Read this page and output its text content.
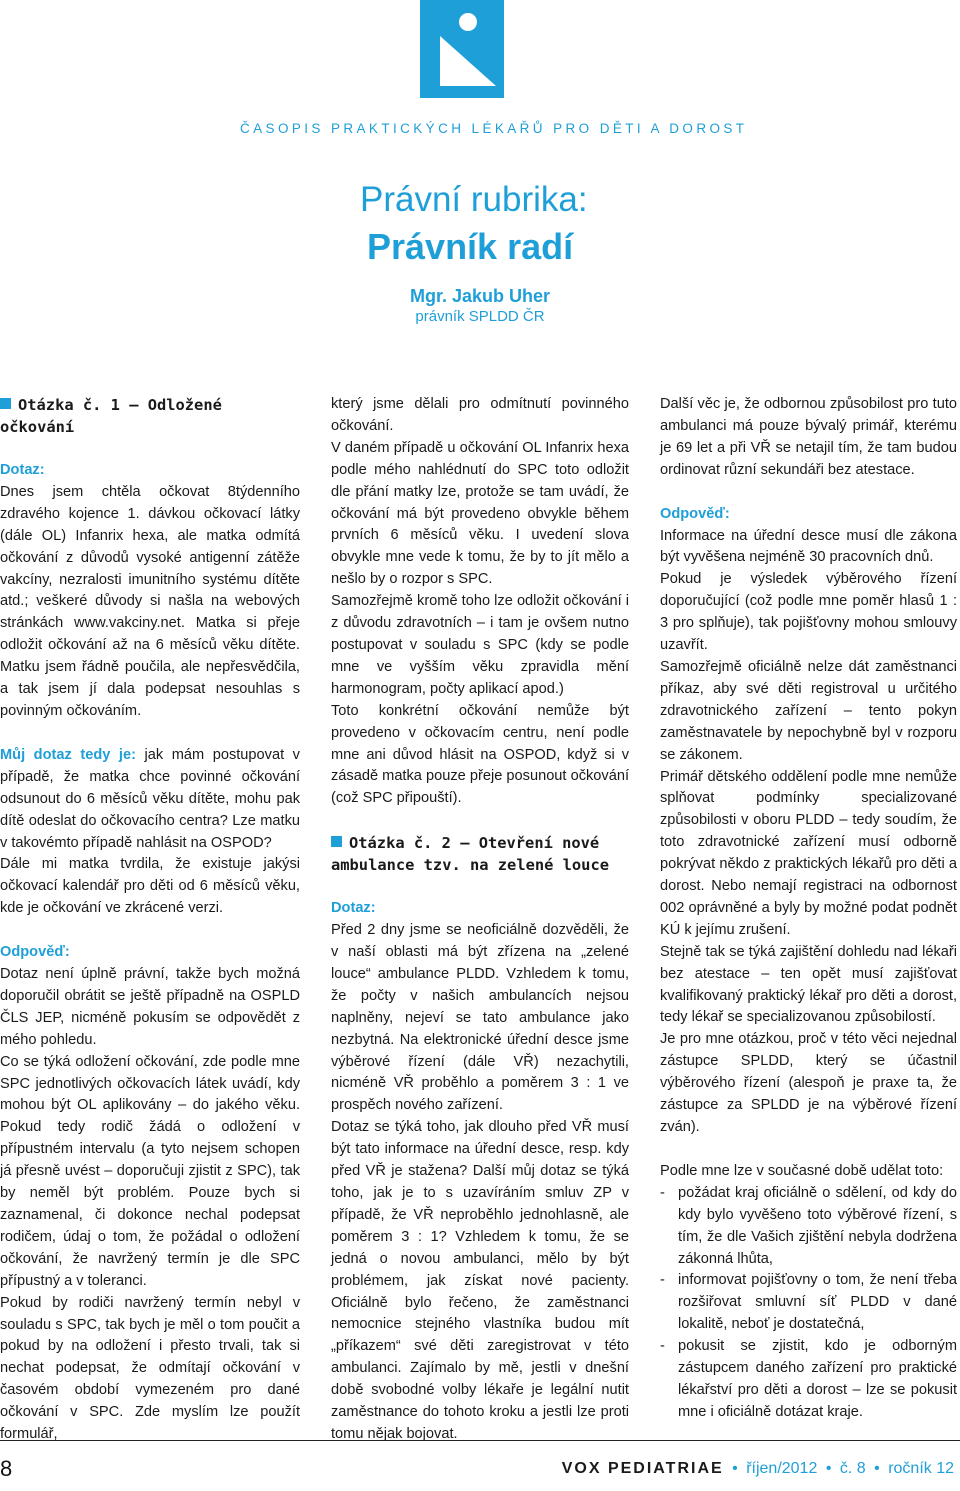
ČASOPIS PRAKTICKÝCH LÉKAŘŮ PRO DĚTI A DOROST
Právní rubrika:
Právník radí
Mgr. Jakub Uher
právník SPLDD ČR
Otázka č. 1 – Odložené očkování
Dotaz:

Dnes jsem chtěla očkovat 8týdenního zdravého kojence 1. dávkou očkovací látky (dále OL) Infanrix hexa, ale matka odmítá očkování z důvodů vysoké antigenní zátěže vakcíny, nezralosti imunitního systému dítěte atd.; veškeré důvody si našla na webových stránkách www.vakciny.net. Matka si přeje odložit očkování až na 6 měsíců věku dítěte. Matku jsem řádně poučila, ale nepřesvědčila, a tak jsem jí dala podepsat nesouhlas s povinným očkováním.

Můj dotaz tedy je: jak mám postupovat v případě, že matka chce povinné očkování odsunout do 6 měsíců věku dítěte, mohu pak dítě odeslat do očkovacího centra? Lze matku v takovémto případě nahlásit na OSPOD?

Dále mi matka tvrdila, že existuje jakýsi očkovací kalendář pro děti od 6 měsíců věku, kde je očkování ve zkrácené verzi.

Odpověď:

Dotaz není úplně právní, takže bych možná doporučil obrátit se ještě případně na OSPLD ČLS JEP, nicméně pokusím se odpovědět z mého pohledu.

Co se týká odložení očkování, zde podle mne SPC jednotlivých očkovacích látek uvádí, kdy mohou být OL aplikovány – do jakého věku. Pokud tedy rodič žádá o odložení v přípustném intervalu (a tyto nejsem schopen já přesně uvést – doporučuji zjistit z SPC), tak by neměl být problém. Pouze bych si zaznamenal, či dokonce nechal podepsat rodičem, údaj o tom, že požádal o odložení očkování, že navržený termín je dle SPC přípustný a v toleranci.

Pokud by rodiči navržený termín nebyl v souladu s SPC, tak bych je měl o tom poučit a pokud by na odložení i přesto trvali, tak si nechat podepsat, že odmítají očkování v časovém období vymezeném pro dané očkování v SPC. Zde myslím lze použít formulář,

který jsme dělali pro odmítnutí povinného očkování.

V daném případě u očkování OL Infanrix hexa podle mého nahlédnutí do SPC toto odložit dle přání matky lze, protože se tam uvádí, že očkování má být provedeno obvykle během prvních 6 měsíců věku. I uvedení slova obvykle mne vede k tomu, že by to jít mělo a nešlo by o rozpor s SPC.

Samozřejmě kromě toho lze odložit očkování i z důvodu zdravotních – i tam je ovšem nutno postupovat v souladu s SPC (kdy se podle mne ve vyšším věku zpravidla mění harmonogram, počty aplikací apod.)

Toto konkrétní očkování nemůže být provedeno v očkovacím centru, není podle mne ani důvod hlásit na OSPOD, když si v zásadě matka pouze přeje posunout očkování (což SPC připouští).

Otázka č. 2 – Otevření nové ambulance tzv. na zelené louce
Dotaz:

Před 2 dny jsme se neoficiálně dozvěděli, že v naší oblasti má být zřízena na „zelené louce“ ambulance PLDD. Vzhledem k tomu, že počty v našich ambulancích nejsou naplněny, nejeví se tato ambulance jako nezbytná. Na elektronické úřední desce jsme výběrové řízení (dále VŘ) nezachytili, nicméně VŘ proběhlo a poměrem 3 : 1 ve prospěch nového zařízení.

Dotaz se týká toho, jak dlouho před VŘ musí být tato informace na úřední desce, resp. kdy před VŘ je stažena? Další můj dotaz se týká toho, jak je to s uzavíráním smluv ZP v případě, že VŘ neproběhlo jednohlasně, ale poměrem 3 : 1? Vzhledem k tomu, že se jedná o novou ambulanci, mělo by být problémem, jak získat nové pacienty. Oficiálně bylo řečeno, že zaměstnanci nemocnice stejného vlastníka budou mít „příkazem“ své děti zaregistrovat v této ambulanci. Zajímalo by mě, jestli v dnešní době svobodné volby lékaře je legální nutit zaměstnance do tohoto kroku a jestli lze proti tomu nějak bojovat.

Další věc je, že odbornou způsobilost pro tuto ambulanci má pouze bývalý primář, kterému je 69 let a při VŘ se netajil tím, že tam budou ordinovat různí sekundáři bez atestace.

Odpověď:

Informace na úřední desce musí dle zákona být vyvěšena nejméně 30 pracovních dnů.

Pokud je výsledek výběrového řízení doporučující (což podle mne poměr hlasů 1 : 3 pro splňuje), tak pojišťovny mohou smlouvy uzavřít.

Samozřejmě oficiálně nelze dát zaměstnanci příkaz, aby své děti registroval u určitého zdravotnického zařízení – tento pokyn zaměstnavatele by nepochybně byl v rozporu se zákonem.

Primář dětského oddělení podle mne nemůže splňovat podmínky specializované způsobilosti v oboru PLDD – tedy soudím, že toto zdravotnické zařízení musí odborně pokrývat někdo z praktických lékařů pro děti a dorost. Nebo nemají registraci na odbornost 002 oprávněné a byly by možné podat podnět KÚ k jejímu zrušení.

Stejně tak se týká zajištění dohledu nad lékaři bez atestace – ten opět musí zajišťovat kvalifikovaný praktický lékař pro děti a dorost, tedy lékař se specializovanou způsobilostí.

Je pro mne otázkou, proč v této věci nejednal zástupce SPLDD, který se účastnil výběrového řízení (alespoň je praxe ta, že zástupce za SPLDD je na výběrové řízení zván).

Podle mne lze v současné době udělat toto:

- požádat kraj oficiálně o sdělení, od kdy do kdy bylo vyvěšeno toto výběrové řízení, s tím, že dle Vašich zjištění nebyla dodržena zákonná lhůta,
- informovat pojišťovny o tom, že není třeba rozšiřovat smluvní síť PLDD v dané lokalitě, neboť je dostatečná,
- pokusit se zjistit, kdo je odborným zástupcem daného zařízení pro praktické lékařství pro děti a dorost – lze se pokusit mne i oficiálně dotázat kraje.
8	VOX PEDIATRIAE • říjen/2012 • č. 8 • ročník 12
